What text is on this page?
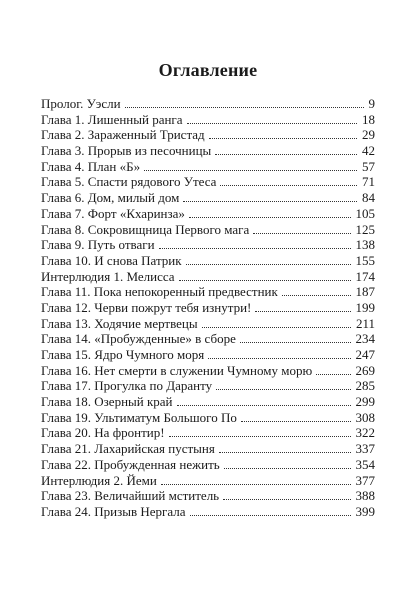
Оглавление
Пролог. Уэсли	9
Глава 1. Лишенный ранга	18
Глава 2. Зараженный Тристад	29
Глава 3. Прорыв из песочницы	42
Глава 4. План «Б»	57
Глава 5. Спасти рядового Утеса	71
Глава 6. Дом, милый дом	84
Глава 7. Форт «Кхаринза»	105
Глава 8. Сокровищница Первого мага	125
Глава 9. Путь отваги	138
Глава 10. И снова Патрик	155
Интерлюдия 1. Мелисса	174
Глава 11. Пока непокоренный предвестник	187
Глава 12. Черви пожрут тебя изнутри!	199
Глава 13. Ходячие мертвецы	211
Глава 14. «Пробужденные» в сборе	234
Глава 15. Ядро Чумного моря	247
Глава 16. Нет смерти в служении Чумному морю	269
Глава 17. Прогулка по Даранту	285
Глава 18. Озерный край	299
Глава 19. Ультиматум Большого По	308
Глава 20. На фронтир!	322
Глава 21. Лахарийская пустыня	337
Глава 22. Пробужденная нежить	354
Интерлюдия 2. Йеми	377
Глава 23. Величайший мститель	388
Глава 24. Призыв Нергала	399
